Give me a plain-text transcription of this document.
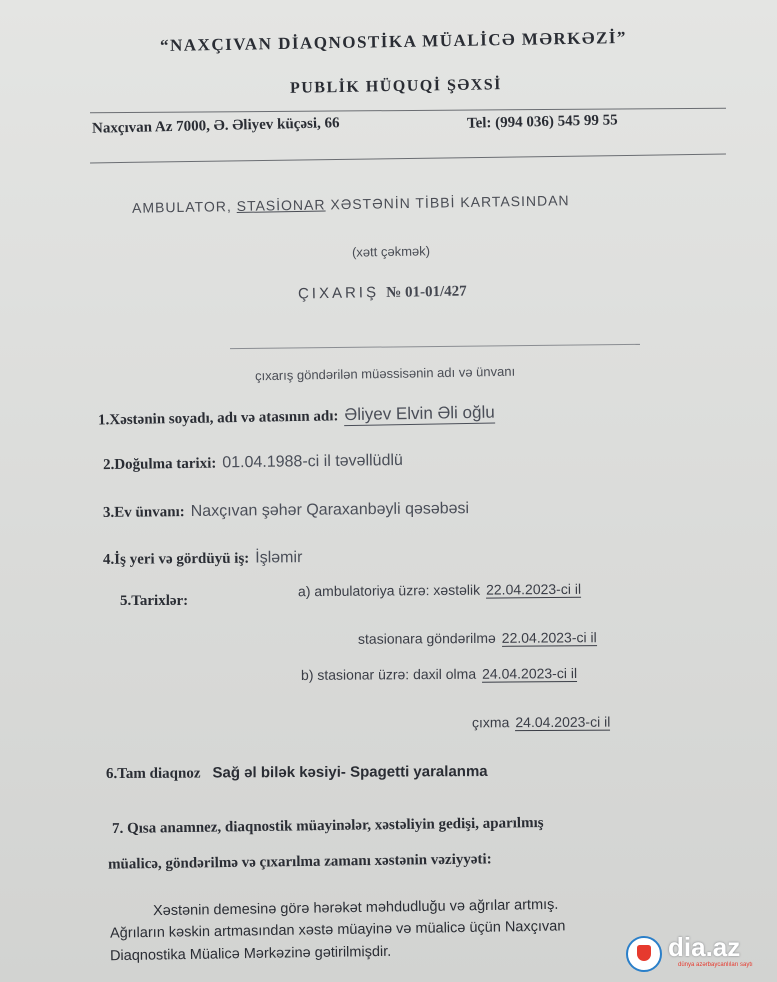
“NAXÇIVAN DİAQNOSTİKA MÜALİCƏ MƏRKƏZİ”
PUBLİK HÜQUQİ ŞƏXSİ
Naxçıvan Az 7000, Ə. Əliyev küçəsi, 66	Tel: (994 036) 545 99 55
AMBULATOR, STASİONAR XƏSTƏNİN TİBBİ KARTASINDAN
(xətt çəkmək)
ÇIXARIŞ № 01-01/427
çıxarış göndərilən müəssisənin adı və ünvanı
1.Xəstənin soyadı, adı və atasının adı: Əliyev Elvin Əli oğlu
2.Doğulma tarixi: 01.04.1988-ci il təvəllüdlü
3.Ev ünvanı: Naxçıvan şəhər Qaraxanbəyli qəsəbəsi
4.İş yeri və gördüyü iş: İşləmir
5.Tarixlər:
a) ambulatoriya üzrə: xəstəlik 22.04.2023-ci il
stasionara göndərilmə 22.04.2023-ci il
b) stasionar üzrə: daxil olma 24.04.2023-ci il
çıxma 24.04.2023-ci il
6.Tam diaqnoz Sağ əl bilək kəsiyi- Spagetti yaralanma
7. Qısa anamnez, diaqnostik müayinələr, xəstəliyin gedişi, aparılmış
müalicə, göndərilmə və çıxarılma zamanı xəstənin vəziyyəti:
Xəstənin demesinə görə hərəkət məhdudluğu və ağrılar artmış.
Ağrıların kəskin artmasından xəstə müayinə və müalicə üçün Naxçıvan
Diaqnostika Müalicə Mərkəzinə gətirilmişdir.	dia.az
dünya azərbaycanlıları saytı
